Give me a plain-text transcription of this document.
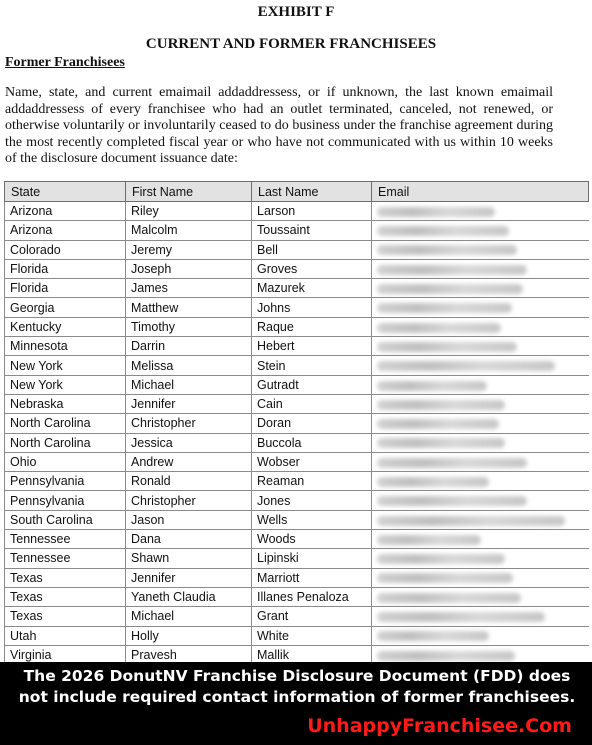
EXHIBIT F
CURRENT AND FORMER FRANCHISEES
Former Franchisees
Name, state, and current emaimail addaddressess, or if unknown, the last known emaimail addaddressess of every franchisee who had an outlet terminated, canceled, not renewed, or otherwise voluntarily or involuntarily ceased to do business under the franchise agreement during the most recently completed fiscal year or who have not communicated with us within 10 weeks of the disclosure document issuance date:
State	First Name	Last Name	Email
Arizona	Riley	Larson	
Arizona	Malcolm	Toussaint	
Colorado	Jeremy	Bell	
Florida	Joseph	Groves	
Florida	James	Mazurek	
Georgia	Matthew	Johns	
Kentucky	Timothy	Raque	
Minnesota	Darrin	Hebert	
New York	Melissa	Stein	
New York	Michael	Gutradt	
Nebraska	Jennifer	Cain	
North Carolina	Christopher	Doran	
North Carolina	Jessica	Buccola	
Ohio	Andrew	Wobser	
Pennsylvania	Ronald	Reaman	
Pennsylvania	Christopher	Jones	
South Carolina	Jason	Wells	
Tennessee	Dana	Woods	
Tennessee	Shawn	Lipinski	
Texas	Jennifer	Marriott	
Texas	Yaneth Claudia	Illanes Penaloza	
Texas	Michael	Grant	
Utah	Holly	White	
Virginia	Pravesh	Mallik	
The 2026 DonutNV Franchise Disclosure Document (FDD) does not include required contact information of former franchisees.
UnhappyFranchisee.Com
